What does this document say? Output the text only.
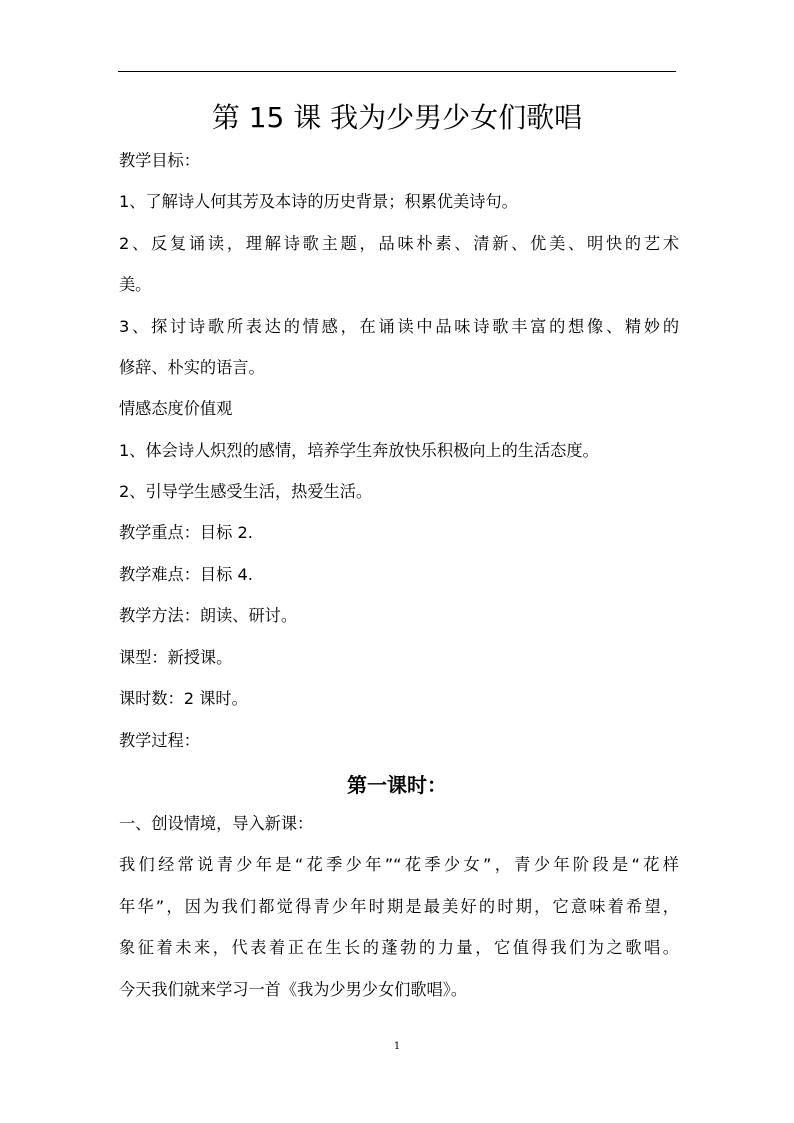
第 15 课 我为少男少女们歌唱

教学目标：

1、了解诗人何其芳及本诗的历史背景；积累优美诗句。

2、反复诵读，理解诗歌主题，品味朴素、清新、优美、明快的艺术

美。

3、探讨诗歌所表达的情感，在诵读中品味诗歌丰富的想像、精妙的

修辞、朴实的语言。

情感态度价值观

1、体会诗人炽烈的感情，培养学生奔放快乐积极向上的生活态度。

2、引导学生感受生活，热爱生活。

教学重点：目标 2.

教学难点：目标 4.

教学方法：朗读、研讨。

课型：新授课。

课时数：2 课时。

教学过程：

第一课时：

一、创设情境，导入新课：

我们经常说青少年是“花季少年”“花季少女”，青少年阶段是“花样

年华”，因为我们都觉得青少年时期是最美好的时期，它意味着希望，

象征着未来，代表着正在生长的蓬勃的力量，它值得我们为之歌唱。

今天我们就来学习一首《我为少男少女们歌唱》。

1
